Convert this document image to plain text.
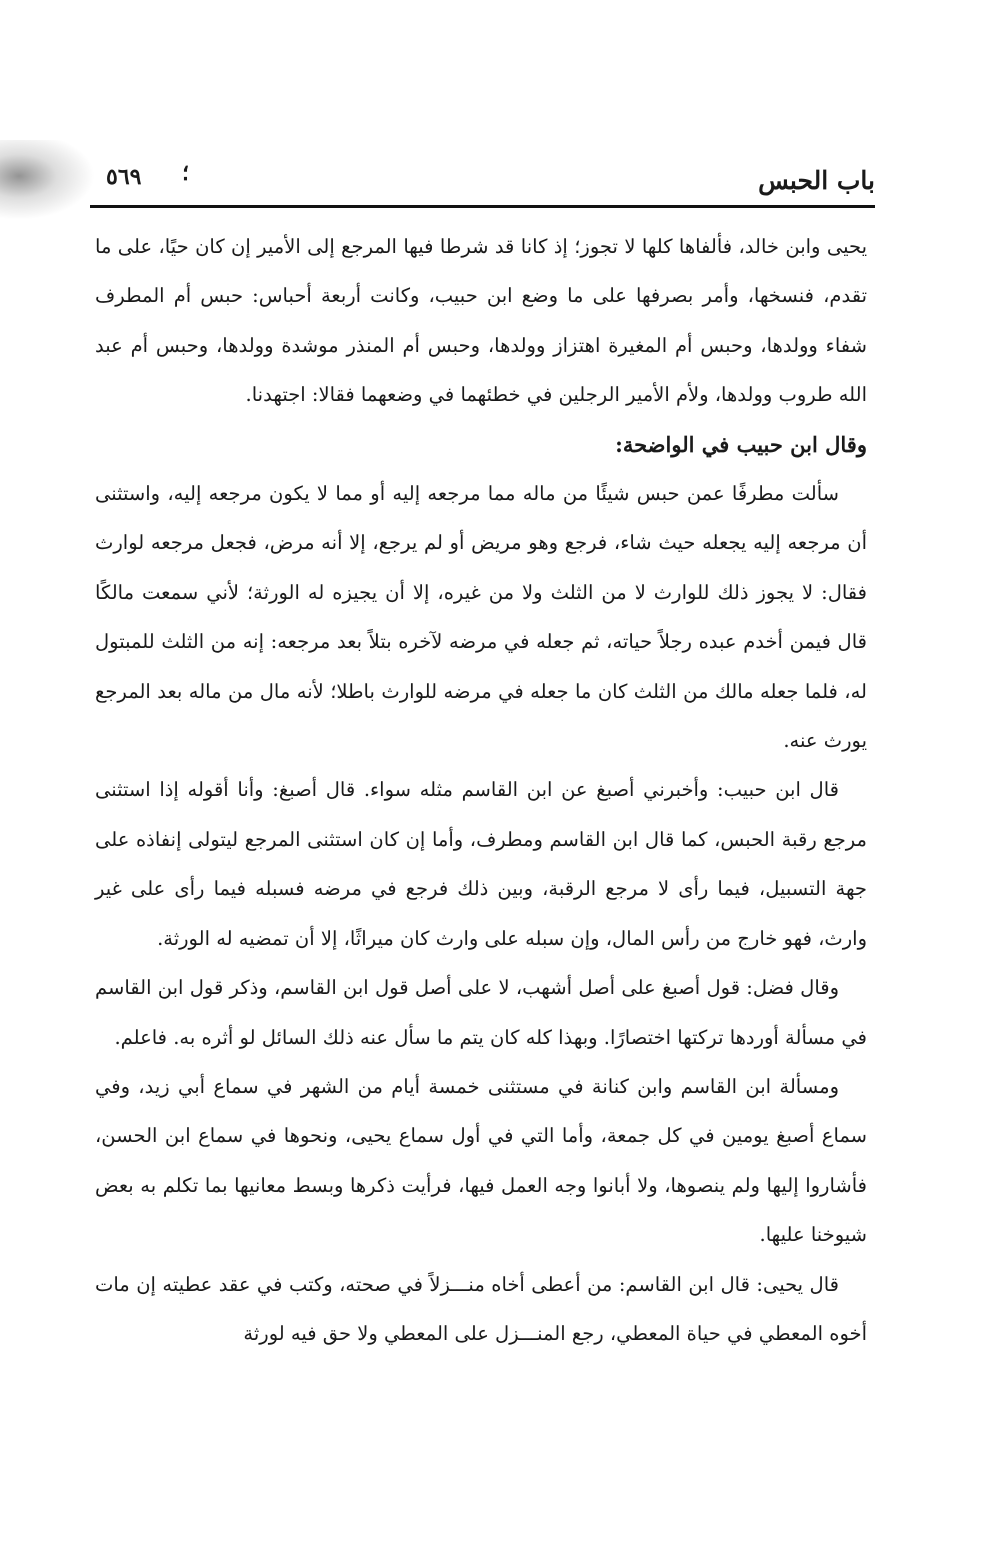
باب الحبس
؛
٥٦٩

يحيى وابن خالد، فألفاها كلها لا تجوز؛ إذ كانا قد شرطا فيها المرجع إلى الأمير إن كان حيًا، على ما تقدم، فنسخها، وأمر بصرفها على ما وضع ابن حبيب، وكانت أربعة أحباس: حبس أم المطرف شفاء وولدها، وحبس أم المغيرة اهتزاز وولدها، وحبس أم المنذر موشدة وولدها، وحبس أم عبد الله طروب وولدها، ولأم الأمير الرجلين في خطئهما في وضعهما فقالا: اجتهدنا.

وقال ابن حبيب في الواضحة:

سألت مطرفًا عمن حبس شيئًا من ماله مما مرجعه إليه أو مما لا يكون مرجعه إليه، واستثنى أن مرجعه إليه يجعله حيث شاء، فرجع وهو مريض أو لم يرجع، إلا أنه مرض، فجعل مرجعه لوارث فقال: لا يجوز ذلك للوارث لا من الثلث ولا من غيره، إلا أن يجيزه له الورثة؛ لأني سمعت مالكًا قال فيمن أخدم عبده رجلاً حياته، ثم جعله في مرضه لآخره بتلاً بعد مرجعه: إنه من الثلث للمبتول له، فلما جعله مالك من الثلث كان ما جعله في مرضه للوارث باطلا؛ لأنه مال من ماله بعد المرجع يورث عنه.

قال ابن حبيب: وأخبرني أصبغ عن ابن القاسم مثله سواء. قال أصبغ: وأنا أقوله إذا استثنى مرجع رقبة الحبس، كما قال ابن القاسم ومطرف، وأما إن كان استثنى المرجع ليتولى إنفاذه على جهة التسبيل، فيما رأى لا مرجع الرقبة، وبين ذلك فرجع في مرضه فسبله فيما رأى على غير وارث، فهو خارج من رأس المال، وإن سبله على وارث كان ميراثًا، إلا أن تمضيه له الورثة.

وقال فضل: قول أصبغ على أصل أشهب، لا على أصل قول ابن القاسم، وذكر قول ابن القاسم في مسألة أوردها تركتها اختصارًا. وبهذا كله كان يتم ما سأل عنه ذلك السائل لو أثره به. فاعلم.

ومسألة ابن القاسم وابن كنانة في مستثنى خمسة أيام من الشهر في سماع أبي زيد، وفي سماع أصبغ يومين في كل جمعة، وأما التي في أول سماع يحيى، ونحوها في سماع ابن الحسن، فأشاروا إليها ولم ينصوها، ولا أبانوا وجه العمل فيها، فرأيت ذكرها وبسط معانيها بما تكلم به بعض شيوخنا عليها.

قال يحيى: قال ابن القاسم: من أعطى أخاه منـــزلاً في صحته، وكتب في عقد عطيته إن مات أخوه المعطي في حياة المعطي، رجع المنـــزل على المعطي ولا حق فيه لورثة
